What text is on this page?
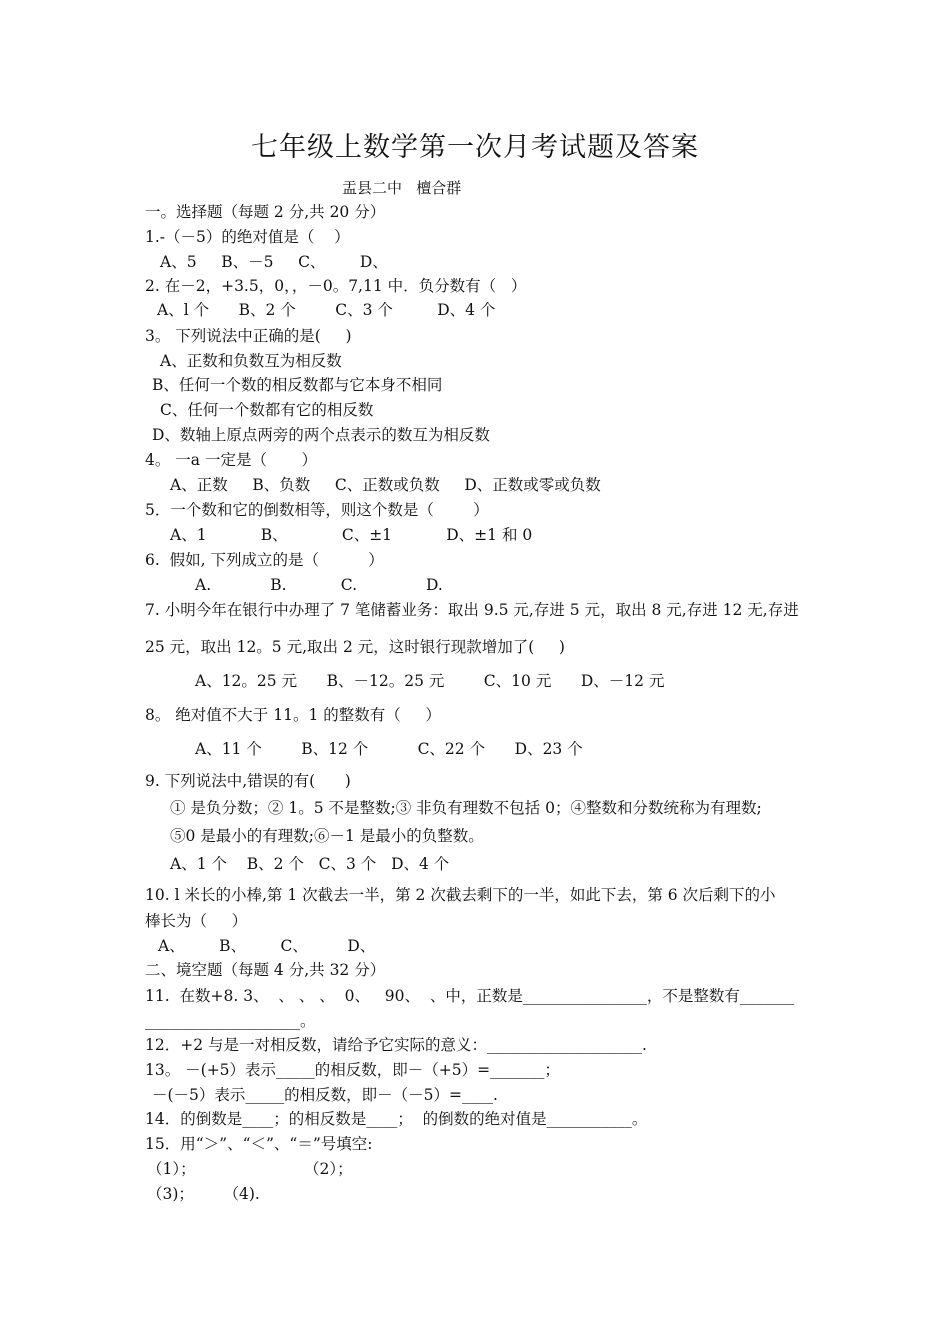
七年级上数学第一次月考试题及答案
盂县二中   檀合群
一。选择题（每题 2 分,共 20 分）
1.-（－5）的绝对值是（    ）
A、5     B、－5     C、       D、
2. 在－2，+3.5，0，，－0。7,11 中．负分数有（   ）
A、l 个      B、2 个        C、3 个         D、4 个
3。 下列说法中正确的是(     )
A、正数和负数互为相反数
B、任何一个数的相反数都与它本身不相同
C、任何一个数都有它的相反数
D、数轴上原点两旁的两个点表示的数互为相反数
4。 一a 一定是（       ）
A、正数     B、负数     C、正数或负数     D、正数或零或负数
5．一个数和它的倒数相等，则这个数是（        ）
A、1           B、           C、±1           D、±1 和 0
6.  假如, 下列成立的是（          ）
A.            B.           C.              D.
7. 小明今年在银行中办理了 7 笔储蓄业务：取出 9.5 元,存进 5 元，取出 8 元,存进 12 无,存进
25 元，取出 12。5 元,取出 2 元，这时银行现款增加了(     )
A、12。25 元      B、－12。25 元        C、10 元      D、－12 元
8。 绝对值不大于 11。1 的整数有（     ）
A、11 个        B、12 个          C、22 个      D、23 个
9. 下列说法中,错误的有(      )
① 是负分数；② 1。5 不是整数;③ 非负有理数不包括 0；④整数和分数统称为有理数;
⑤0 是最小的有理数;⑥－1 是最小的负整数。
A、1 个    B、2 个   C、3 个   D、4 个
10. l 米长的小棒,第 1 次截去一半，第 2 次截去剩下的一半，如此下去，第 6 次后剩下的小
棒长为（     ）
A、       B、       C、        D、
二、境空题（每题 4 分,共 32 分）
11.  在数+8. 3、  、 、 、  0、   90、  、中，正数是________________，不是整数有_______
____________________。
12．+2 与是一对相反数，请给予它实际的意义：____________________.
13。 －(+5）表示_____的相反数，即－（+5）=_______；
－(－5）表示_____的相反数，即－（－5）=____.
14．的倒数是____；的相反数是____；  的倒数的绝对值是___________。
15．用“＞”、“＜”、“＝”号填空:
（1）；                      （2）；
（3)；      （4).
